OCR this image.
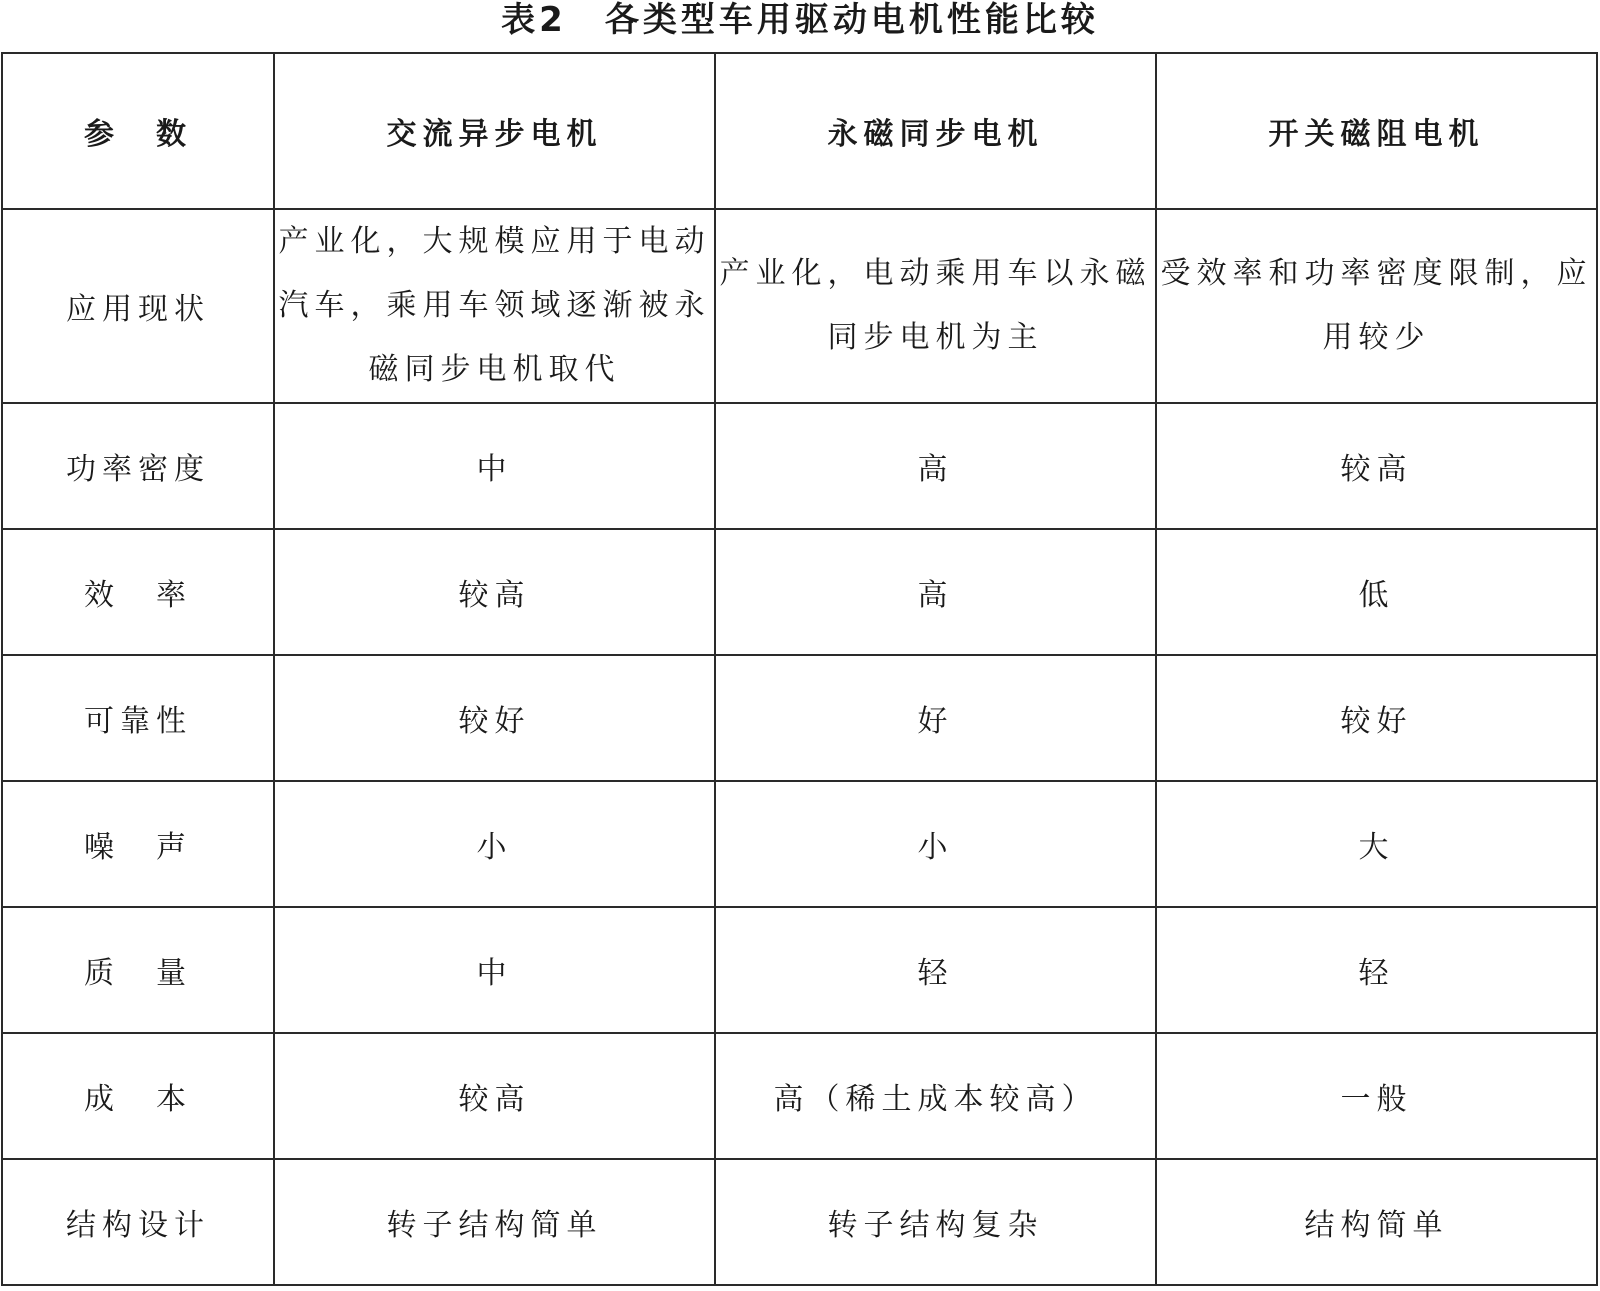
表2　各类型车用驱动电机性能比较
参　数	交流异步电机	永磁同步电机	开关磁阻电机
应用现状	产业化，大规模应用于电动汽车，乘用车领域逐渐被永磁同步电机取代	产业化，电动乘用车以永磁同步电机为主	受效率和功率密度限制，应用较少
功率密度	中	高	较高
效　率	较高	高	低
可靠性	较好	好	较好
噪　声	小	小	大
质　量	中	轻	轻
成　本	较高	高（稀土成本较高）	一般
结构设计	转子结构简单	转子结构复杂	结构简单
